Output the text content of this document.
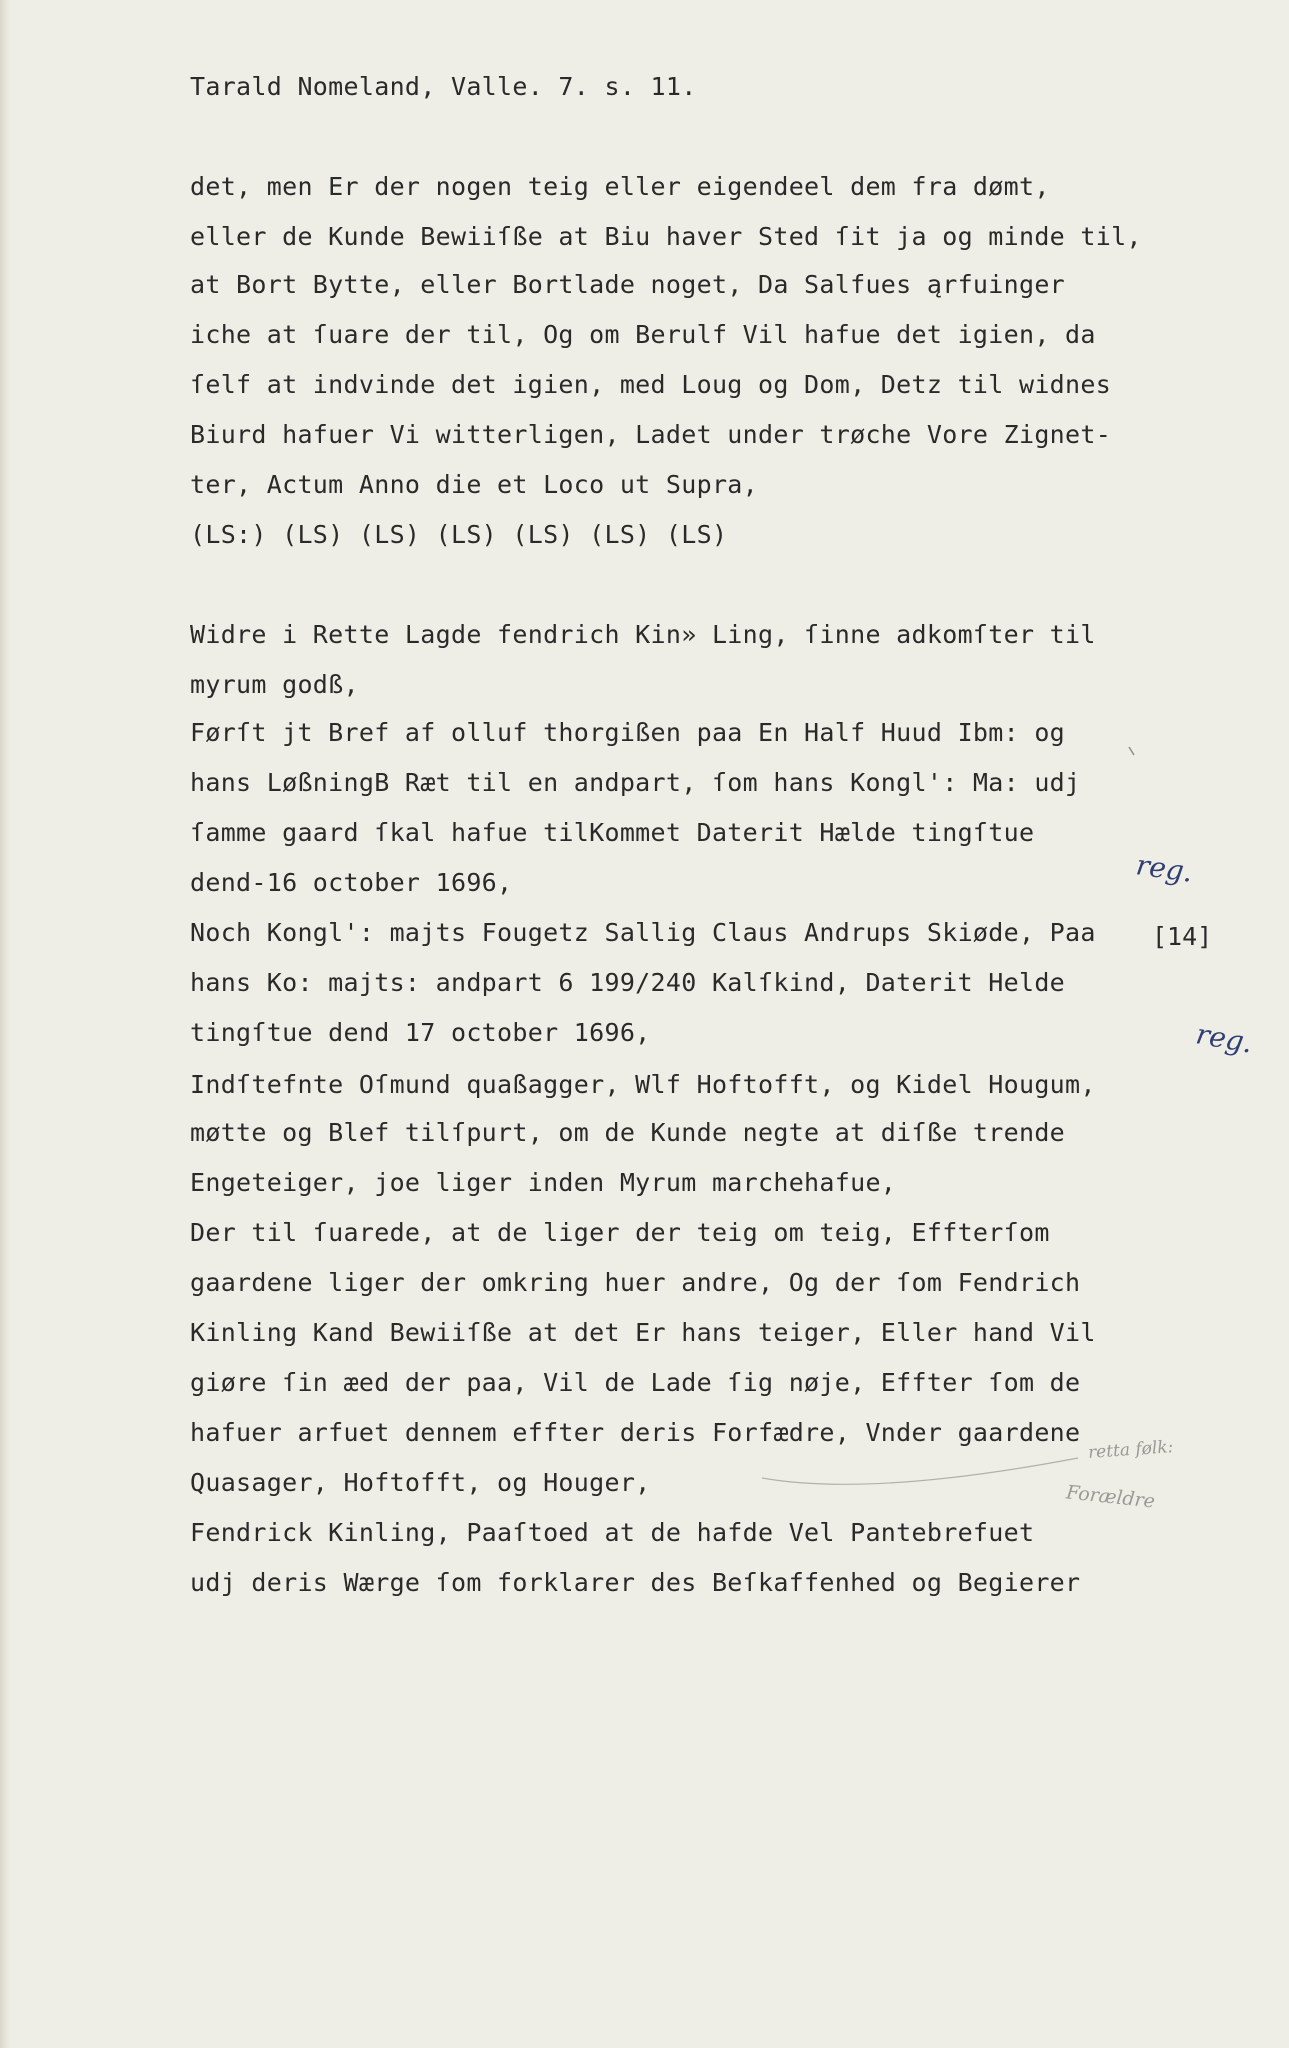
Tarald Nomeland, Valle. 7. s. 11.
det, men Er der nogen teig eller eigendeel dem fra dømt,
eller de Kunde Bewiiſße at Biu haver Sted ſit ja og minde til,
at Bort Bytte, eller Bortlade noget, Da Salfues ąrfuinger
iche at ſuare der til, Og om Berulf Vil hafue det igien, da
ſelf at indvinde det igien, med Loug og Dom, Detz til widnes
Biurd hafuer Vi witterligen, Ladet under trøche Vore Zignet-
ter, Actum Anno die et Loco ut Supra,
(LS:) (LS) (LS) (LS) (LS) (LS) (LS)
Widre i Rette Lagde fendrich Kin» Ling, ſinne adkomſter til
myrum godß,
Førſt jt Bref af olluf thorgißen paa En Half Huud Ibm: og
hans LøßningB Ræt til en andpart, ſom hans Kongl': Ma: udj
ſamme gaard ſkal hafue tilKommet Daterit Hælde tingſtue
dend-16 october 1696,
Noch Kongl': majts Fougetz Sallig Claus Andrups Skiøde, Paa
hans Ko: majts: andpart 6 199/240 Kalſkind, Daterit Helde
tingſtue dend 17 october 1696,
Indſtefnte Oſmund quaßagger, Wlf Hoftofft, og Kidel Hougum,
møtte og Blef tilſpurt, om de Kunde negte at diſße trende
Engeteiger, joe liger inden Myrum marchehafue,
Der til ſuarede, at de liger der teig om teig, Effterſom
gaardene liger der omkring huer andre, Og der ſom Fendrich
Kinling Kand Bewiiſße at det Er hans teiger, Eller hand Vil
giøre ſin æed der paa, Vil de Lade ſig nøje, Effter ſom de
hafuer arfuet dennem effter deris Forfædre, Vnder gaardene
Quasager, Hoftofft, og Houger,
Fendrick Kinling, Paaſtoed at de hafde Vel Pantebrefuet
udj deris Wærge ſom forklarer des Beſkaffenhed og Begierer
reg.
[14]
reg.
retta følk:
Forældre
